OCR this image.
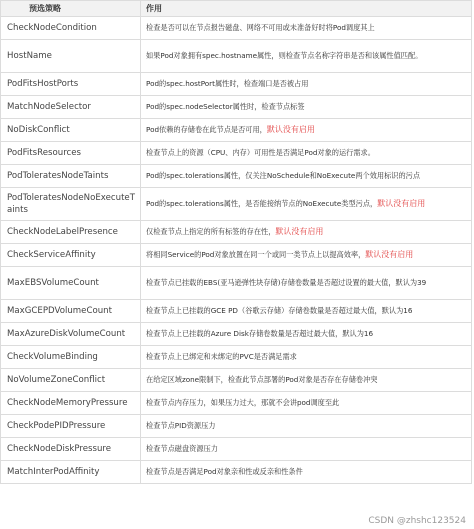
预选策略	作用
CheckNodeCondition	检查是否可以在节点报告磁盘、网络不可用或未准备好时将Pod调度其上
HostName	如果Pod对象拥有spec.hostname属性，则检查节点名称字符串是否和该属性值匹配。
PodFitsHostPorts	Pod的spec.hostPort属性时，检查端口是否被占用
MatchNodeSelector	Pod的spec.nodeSelector属性时，检查节点标签
NoDiskConflict	Pod依赖的存储卷在此节点是否可用，默认没有启用
PodFitsResources	检查节点上的资源（CPU、内存）可用性是否满足Pod对象的运行需求。
PodToleratesNodeTaints	Pod的spec.tolerations属性，仅关注NoSchedule和NoExecute两个效用标识的污点
PodToleratesNodeNoExecuteTaints	Pod的spec.tolerations属性，是否能接纳节点的NoExecute类型污点，默认没有启用
CheckNodeLabelPresence	仅检查节点上指定的所有标签的存在性，默认没有启用
CheckServiceAffinity	将相同Service的Pod对象放置在同一个或同一类节点上以提高效率，默认没有启用
MaxEBSVolumeCount	检查节点已挂载的EBS(亚马逊弹性块存储)存储卷数量是否超过设置的最大值，默认为39
MaxGCEPDVolumeCount	检查节点上已挂载的GCE PD（谷歌云存储）存储卷数量是否超过最大值，默认为16
MaxAzureDiskVolumeCount	检查节点上已挂载的Azure Disk存储卷数量是否超过最大值，默认为16
CheckVolumeBinding	检查节点上已绑定和未绑定的PVC是否满足需求
NoVolumeZoneConflict	在给定区域zone限制下，检查此节点部署的Pod对象是否存在存储卷冲突
CheckNodeMemoryPressure	检查节点内存压力，如果压力过大，那就不会讲pod调度至此
CheckPodePIDPressure	检查节点PID资源压力
CheckNodeDiskPressure	检查节点磁盘资源压力
MatchInterPodAffinity	检查节点是否满足Pod对象亲和性或反亲和性条件
CSDN @zhshc123524
